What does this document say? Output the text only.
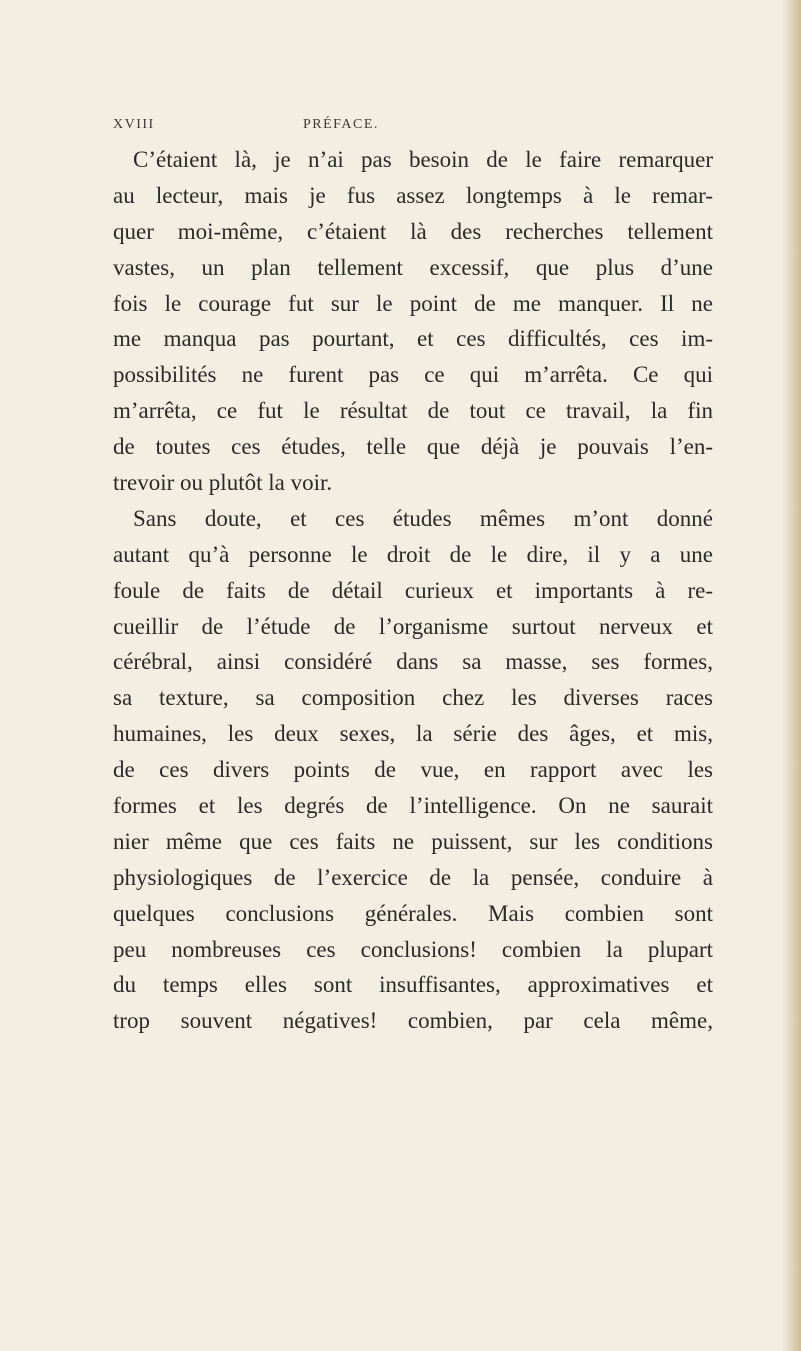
XVIII	PRÉFACE.
C’étaient là, je n’ai pas besoin de le faire remarquer
au lecteur, mais je fus assez longtemps à le remar-
quer moi-même, c’étaient là des recherches tellement
vastes, un plan tellement excessif, que plus d’une
fois le courage fut sur le point de me manquer. Il ne
me manqua pas pourtant, et ces difficultés, ces im-
possibilités ne furent pas ce qui m’arrêta. Ce qui
m’arrêta, ce fut le résultat de tout ce travail, la fin
de toutes ces études, telle que déjà je pouvais l’en-
trevoir ou plutôt la voir.
Sans doute, et ces études mêmes m’ont donné
autant qu’à personne le droit de le dire, il y a une
foule de faits de détail curieux et importants à re-
cueillir de l’étude de l’organisme surtout nerveux et
cérébral, ainsi considéré dans sa masse, ses formes,
sa texture, sa composition chez les diverses races
humaines, les deux sexes, la série des âges, et mis,
de ces divers points de vue, en rapport avec les
formes et les degrés de l’intelligence. On ne saurait
nier même que ces faits ne puissent, sur les conditions
physiologiques de l’exercice de la pensée, conduire à
quelques conclusions générales. Mais combien sont
peu nombreuses ces conclusions! combien la plupart
du temps elles sont insuffisantes, approximatives et
trop souvent négatives! combien, par cela même,
